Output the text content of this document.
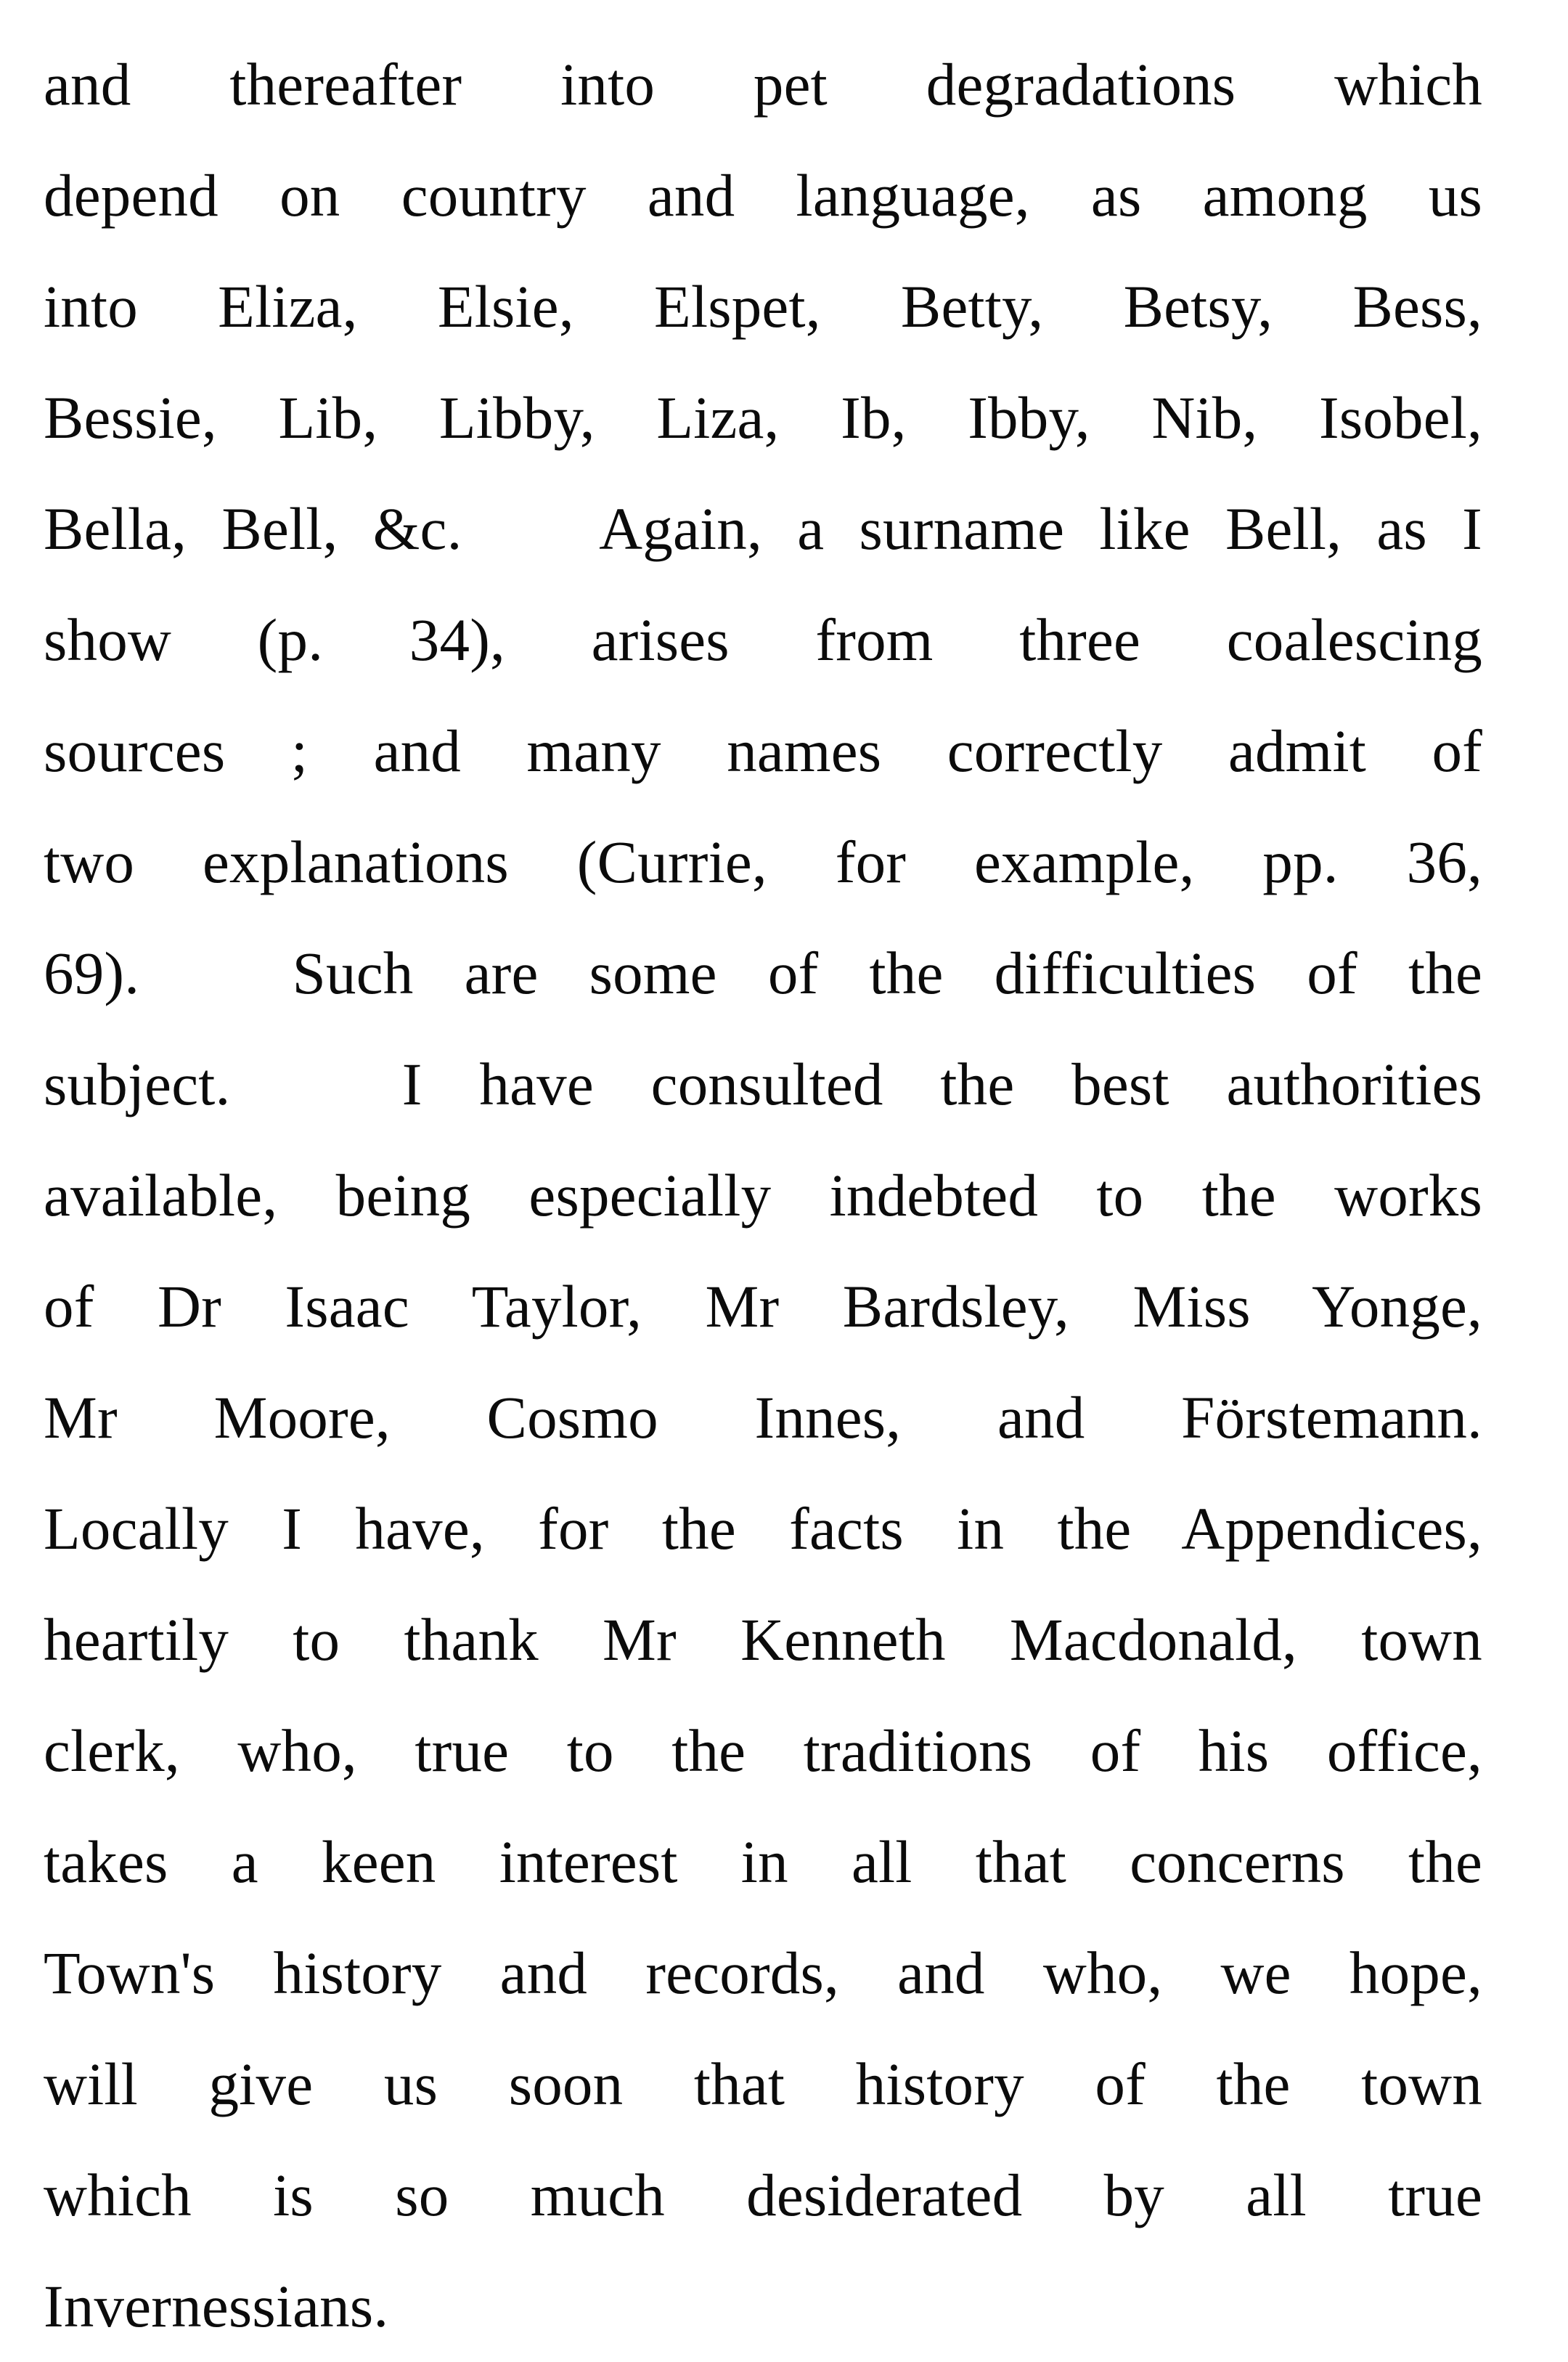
and thereafter into pet degradations which
depend on country and language, as among us
into Eliza, Elsie, Elspet, Betty, Betsy, Bess,
Bessie, Lib, Libby, Liza, Ib, Ibby, Nib, Isobel,
Bella, Bell, &c.    Again, a surname like Bell, as I
show (p. 34), arises from three coalescing
sources ; and many names correctly admit of
two explanations (Currie, for example, pp. 36,
69).   Such are some of the difficulties of the
subject.   I have consulted the best authorities
available, being especially indebted to the works
of Dr Isaac Taylor, Mr Bardsley, Miss Yonge,
Mr Moore, Cosmo Innes, and Förstemann.
Locally I have, for the facts in the Appendices,
heartily to thank Mr Kenneth Macdonald, town
clerk, who, true to the traditions of his office,
takes a keen interest in all that concerns the
Town's history and records, and who, we hope,
will give us soon that history of the town
which is so much desiderated by all true
Invernessians.
